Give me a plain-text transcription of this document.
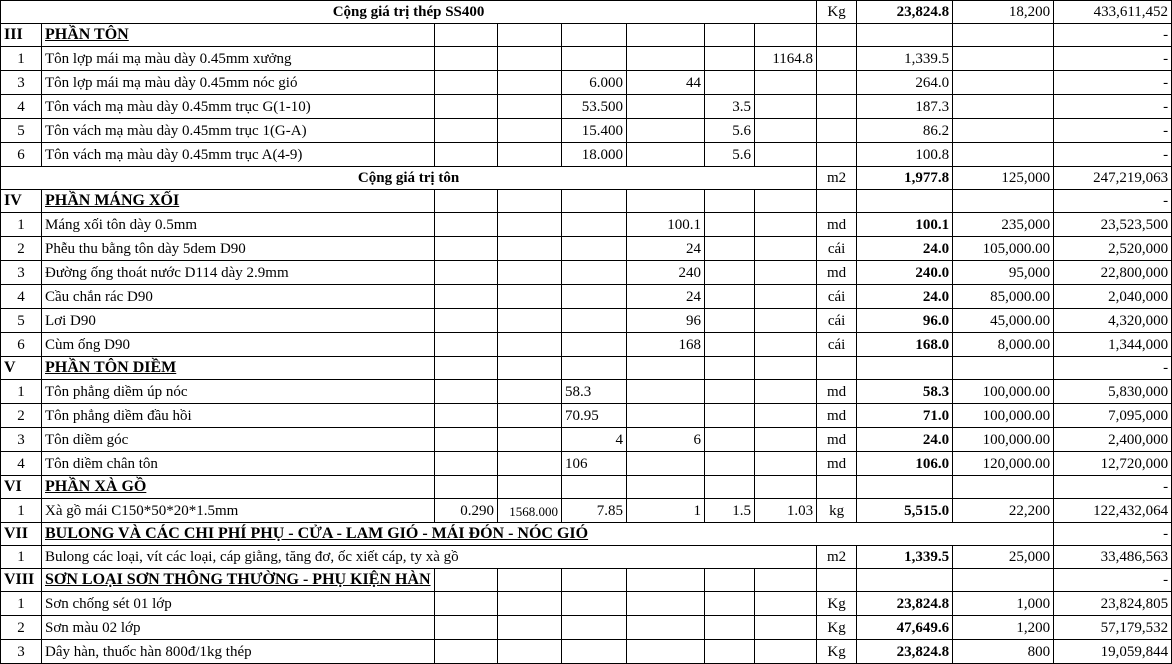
Cộng giá trị thép SS400								Kg	23,824.8	18,200	433,611,452
III	PHẦN TÔN										-
1	Tôn lợp mái mạ màu dày 0.45mm xưởng						1164.8		1,339.5		-
3	Tôn lợp mái mạ màu dày 0.45mm nóc gió			6.000	44				264.0		-
4	Tôn vách mạ màu dày 0.45mm trục G(1-10)			53.500		3.5			187.3		-
5	Tôn vách mạ màu dày 0.45mm trục 1(G-A)			15.400		5.6			86.2		-
6	Tôn vách mạ màu dày 0.45mm trục A(4-9)			18.000		5.6			100.8		-
Cộng giá trị tôn								m2	1,977.8	125,000	247,219,063
IV	PHẦN MÁNG XỐI										-
1	Máng xối tôn dày 0.5mm				100.1			md	100.1	235,000	23,523,500
2	Phễu thu bằng tôn dày 5dem D90				24			cái	24.0	105,000.00	2,520,000
3	Đường ống thoát nước D114 dày 2.9mm				240			md	240.0	95,000	22,800,000
4	Cầu chắn rác D90				24			cái	24.0	85,000.00	2,040,000
5	Lơi D90				96			cái	96.0	45,000.00	4,320,000
6	Cùm ống D90				168			cái	168.0	8,000.00	1,344,000
V	PHẦN TÔN DIỀM										-
1	Tôn phẳng diềm úp nóc			58.3				md	58.3	100,000.00	5,830,000
2	Tôn phẳng diềm đầu hồi			70.95				md	71.0	100,000.00	7,095,000
3	Tôn diềm góc			4	6			md	24.0	100,000.00	2,400,000
4	Tôn diềm chân tôn			106				md	106.0	120,000.00	12,720,000
VI	PHẦN XÀ GỒ										-
1	Xà gồ mái C150*50*20*1.5mm	0.290	1568.000	7.85	1	1.5	1.03	kg	5,515.0	22,200	122,432,064
VII	BULONG VÀ CÁC CHI PHÍ PHỤ - CỬA - LAM GIÓ - MÁI ĐÓN - NÓC GIÓ										-
1	Bulong các loại, vít các loại, cáp giằng, tăng đơ, ốc xiết cáp, ty xà gồ							m2	1,339.5	25,000	33,486,563
VIII	SƠN LOẠI SƠN THÔNG THƯỜNG - PHỤ KIỆN HÀN										-
1	Sơn chống sét 01 lớp							Kg	23,824.8	1,000	23,824,805
2	Sơn màu 02 lớp							Kg	47,649.6	1,200	57,179,532
3	Dây hàn, thuốc hàn 800đ/1kg thép							Kg	23,824.8	800	19,059,844
